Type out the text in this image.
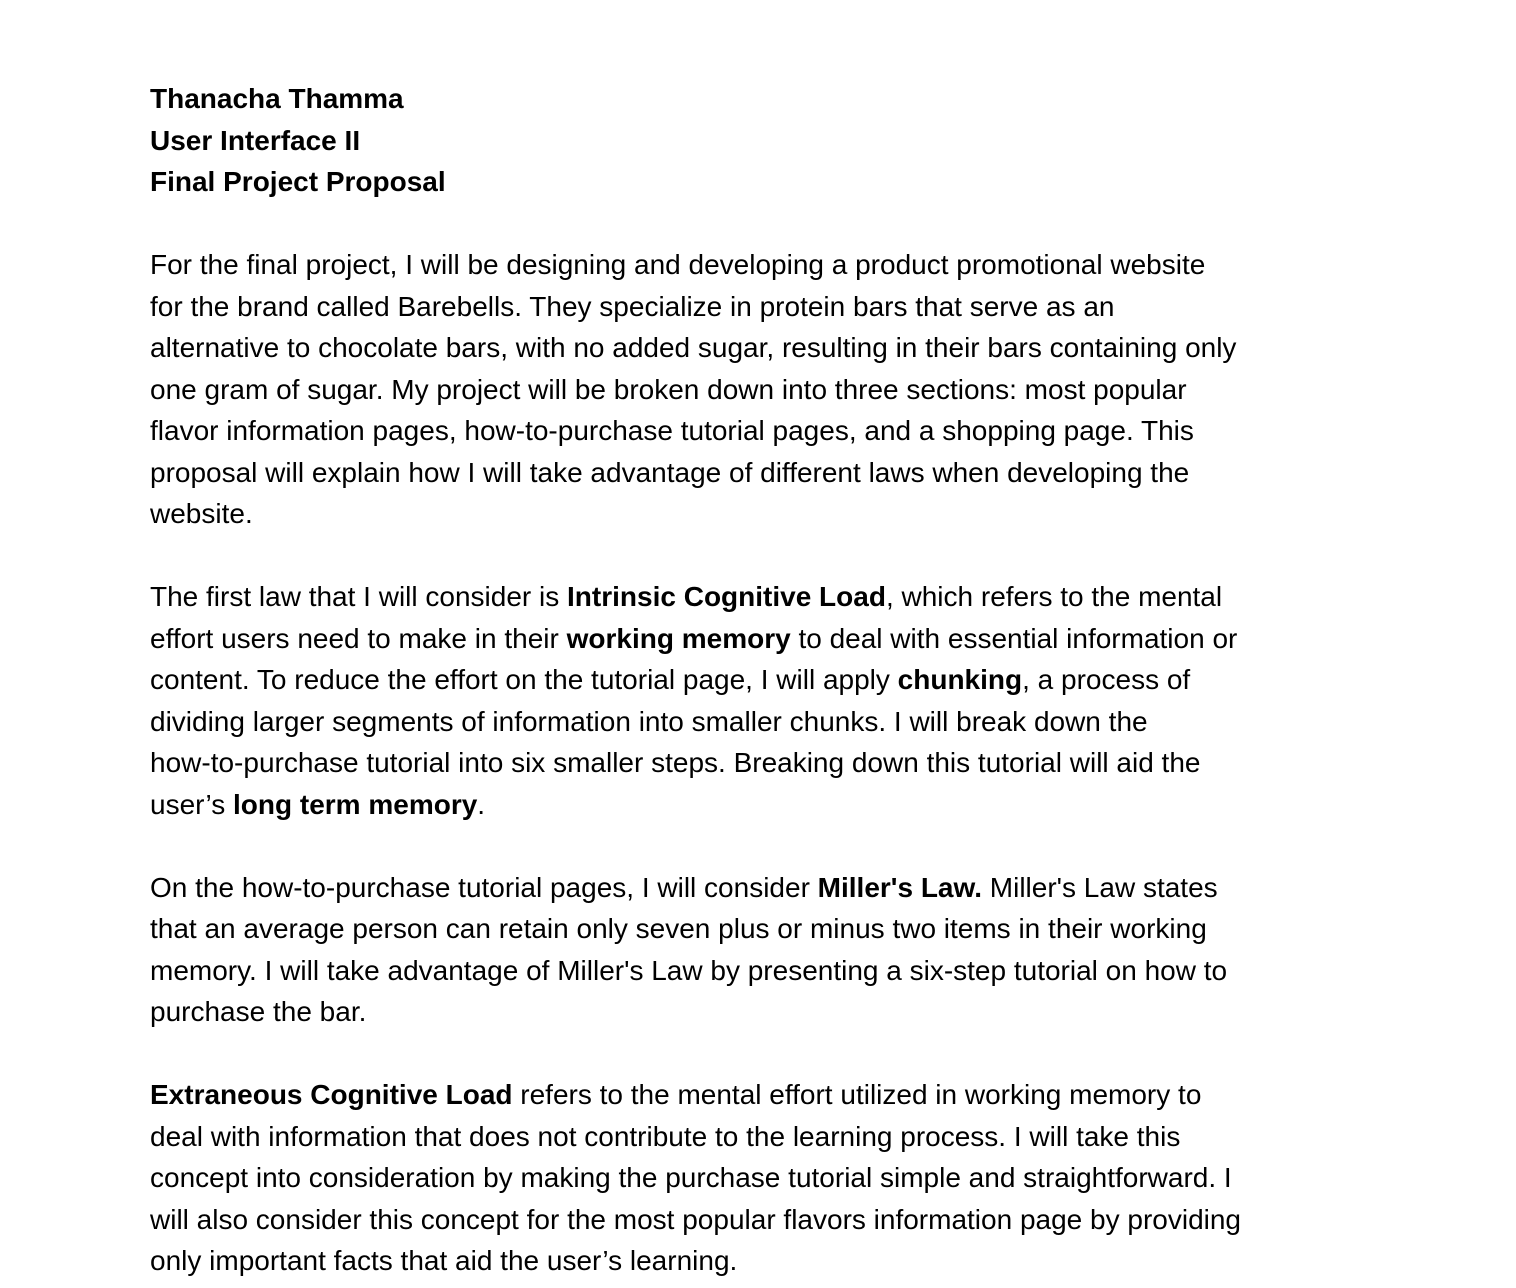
Thanacha Thamma
User Interface II
Final Project Proposal
For the final project, I will be designing and developing a product promotional website
for the brand called Barebells. They specialize in protein bars that serve as an
alternative to chocolate bars, with no added sugar, resulting in their bars containing only
one gram of sugar. My project will be broken down into three sections: most popular
flavor information pages, how-to-purchase tutorial pages, and a shopping page. This
proposal will explain how I will take advantage of different laws when developing the
website.
The first law that I will consider is Intrinsic Cognitive Load, which refers to the mental
effort users need to make in their working memory to deal with essential information or
content. To reduce the effort on the tutorial page, I will apply chunking, a process of
dividing larger segments of information into smaller chunks. I will break down the
how-to-purchase tutorial into six smaller steps. Breaking down this tutorial will aid the
user’s long term memory.
On the how-to-purchase tutorial pages, I will consider Miller's Law. Miller's Law states
that an average person can retain only seven plus or minus two items in their working
memory. I will take advantage of Miller's Law by presenting a six-step tutorial on how to
purchase the bar.
Extraneous Cognitive Load refers to the mental effort utilized in working memory to
deal with information that does not contribute to the learning process. I will take this
concept into consideration by making the purchase tutorial simple and straightforward. I
will also consider this concept for the most popular flavors information page by providing
only important facts that aid the user’s learning.
